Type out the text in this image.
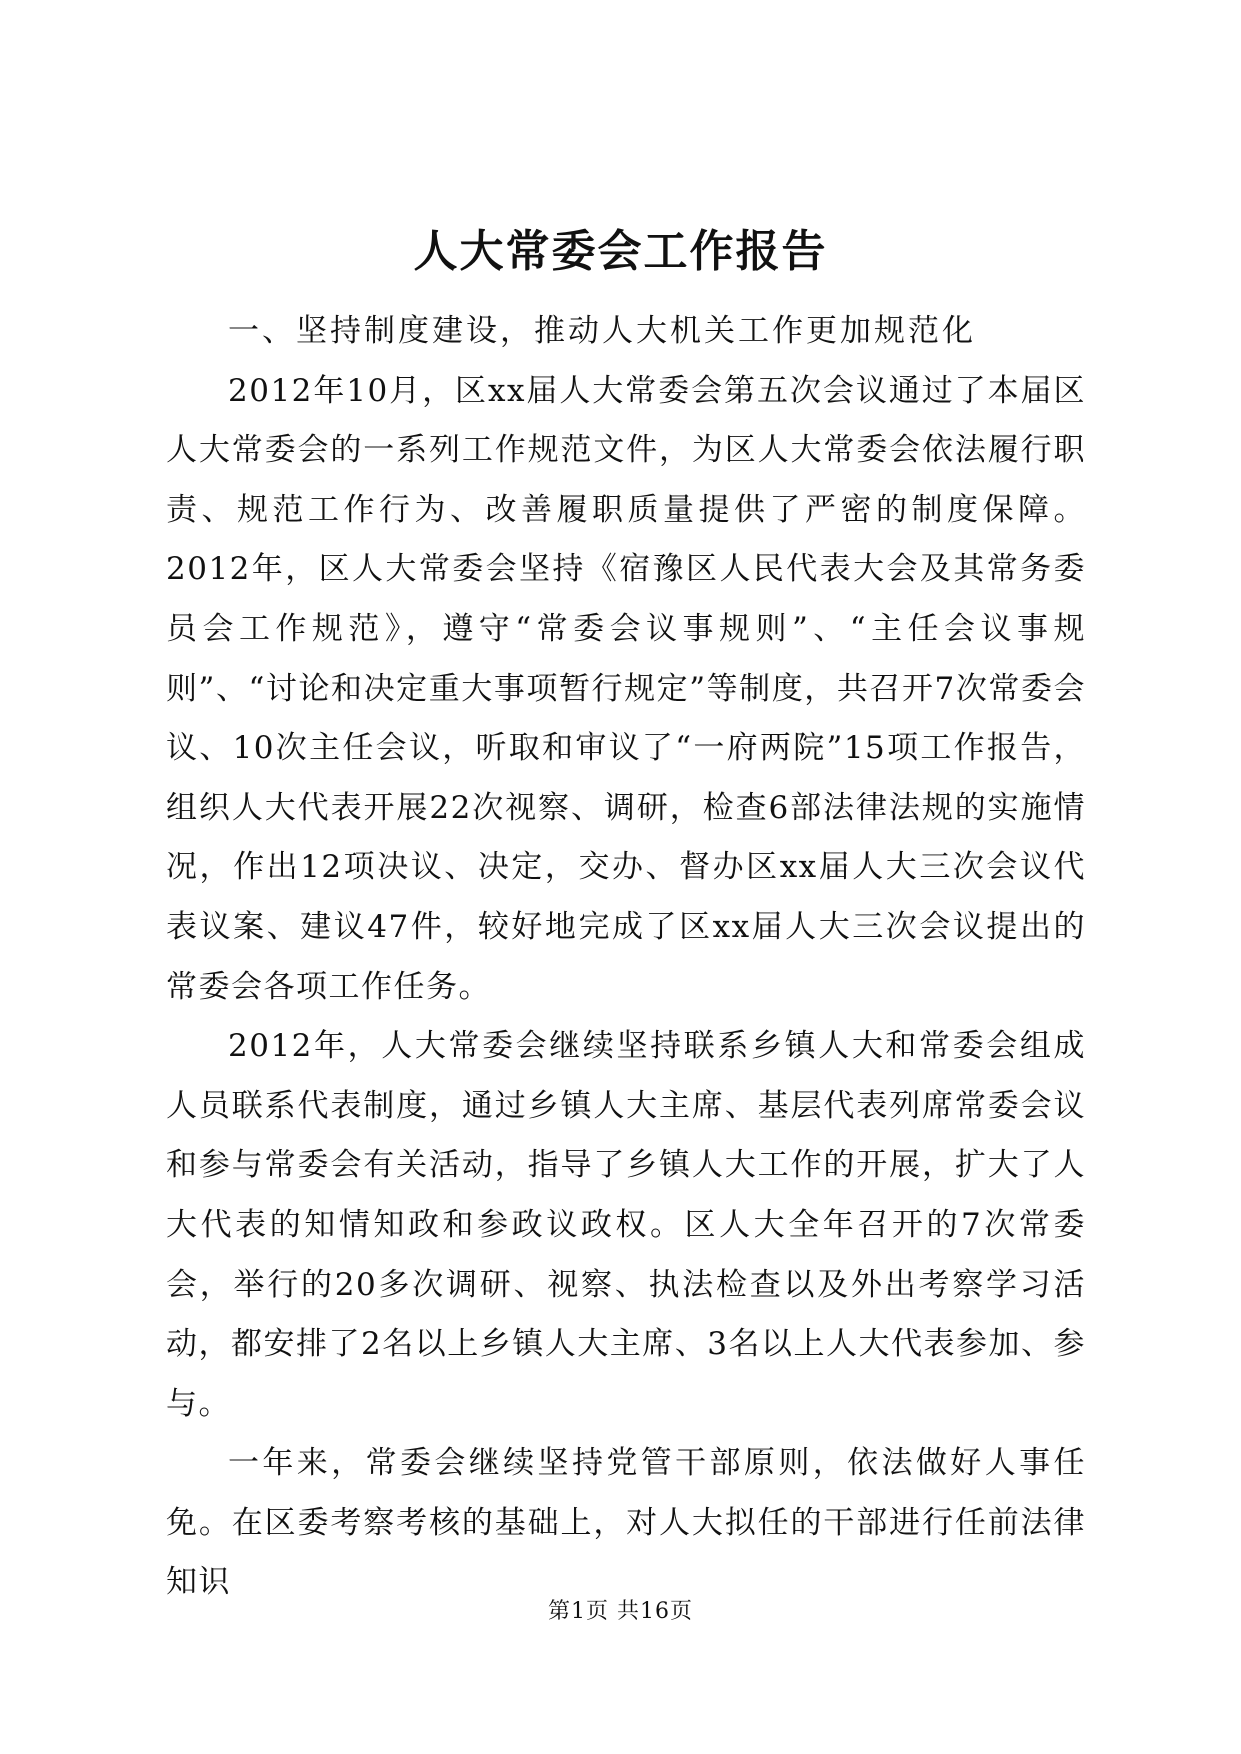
人大常委会工作报告

一、坚持制度建设，推动人大机关工作更加规范化

2012年10月，区xx届人大常委会第五次会议通过了本届区人大常委会的一系列工作规范文件，为区人大常委会依法履行职责、规范工作行为、改善履职质量提供了严密的制度保障。2012年，区人大常委会坚持《宿豫区人民代表大会及其常务委员会工作规范》，遵守“常委会议事规则”、“主任会议事规则”、“讨论和决定重大事项暂行规定”等制度，共召开7次常委会议、10次主任会议，听取和审议了“一府两院”15项工作报告，组织人大代表开展22次视察、调研，检查6部法律法规的实施情况，作出12项决议、决定，交办、督办区xx届人大三次会议代表议案、建议47件，较好地完成了区xx届人大三次会议提出的常委会各项工作任务。

2012年，人大常委会继续坚持联系乡镇人大和常委会组成人员联系代表制度，通过乡镇人大主席、基层代表列席常委会议和参与常委会有关活动，指导了乡镇人大工作的开展，扩大了人大代表的知情知政和参政议政权。区人大全年召开的7次常委会，举行的20多次调研、视察、执法检查以及外出考察学习活动，都安排了2名以上乡镇人大主席、3名以上人大代表参加、参与。

一年来，常委会继续坚持党管干部原则，依法做好人事任免。在区委考察考核的基础上，对人大拟任的干部进行任前法律知识

第1页 共16页
